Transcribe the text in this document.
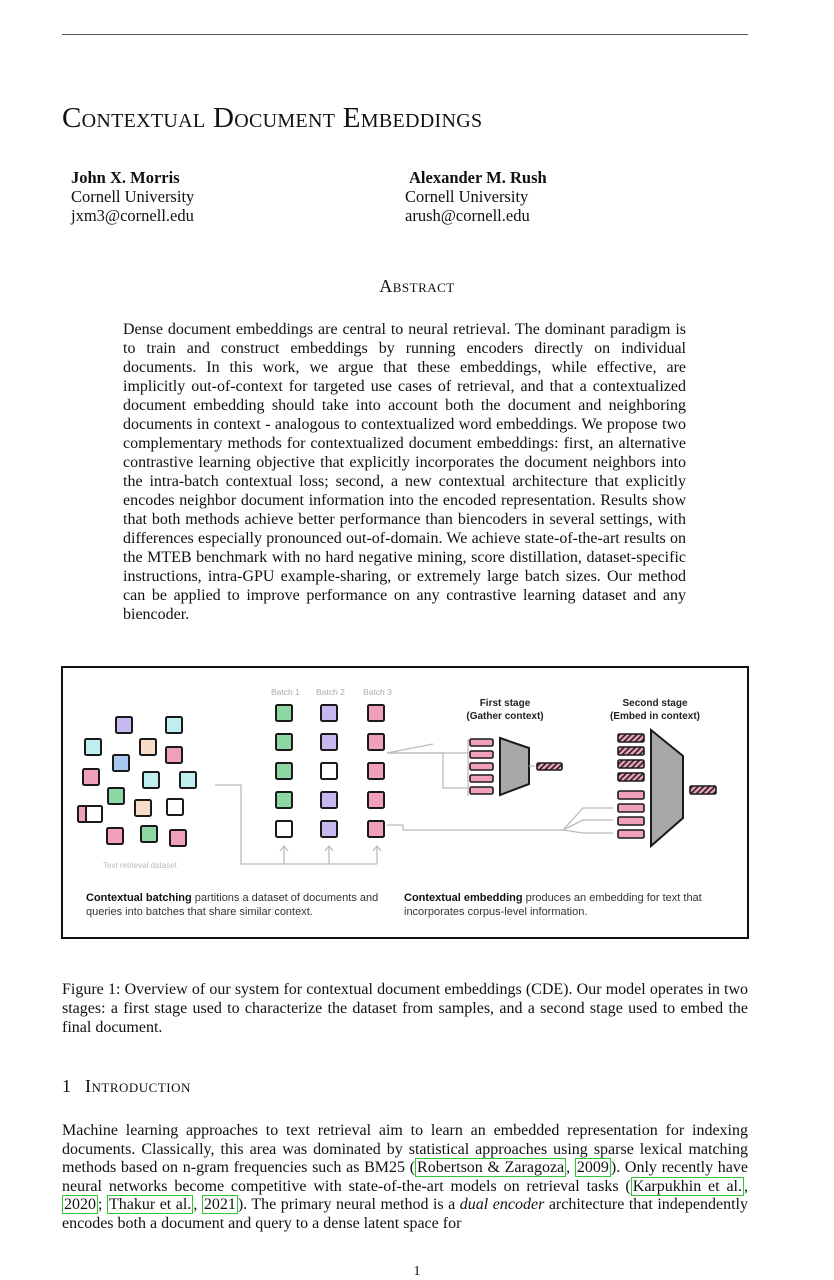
Contextual Document Embeddings
John X. Morris
Cornell University
jxm3@cornell.edu
Alexander M. Rush
Cornell University
arush@cornell.edu
Abstract
Dense document embeddings are central to neural retrieval. The dominant paradigm is to train and construct embeddings by running encoders directly on individual documents. In this work, we argue that these embeddings, while effective, are implicitly out-of-context for targeted use cases of retrieval, and that a contextualized document embedding should take into account both the document and neighboring documents in context - analogous to contextualized word embeddings. We propose two complementary methods for contextualized document embeddings: first, an alternative contrastive learning objective that explicitly incorporates the document neighbors into the intra-batch contextual loss; second, a new contextual architecture that explicitly encodes neighbor document information into the encoded representation. Results show that both methods achieve better performance than biencoders in several settings, with differences especially pronounced out-of-domain. We achieve state-of-the-art results on the MTEB benchmark with no hard negative mining, score distillation, dataset-specific instructions, intra-GPU example-sharing, or extremely large batch sizes. Our method can be applied to improve performance on any contrastive learning dataset and any biencoder.
Text retrieval dataset
Batch 1 Batch 2 Batch 3
First stage
(Gather context)
Second stage
(Embed in context)
Contextual batching partitions a dataset of documents and queries into batches that share similar context.
Contextual embedding produces an embedding for text that incorporates corpus-level information.
Figure 1: Overview of our system for contextual document embeddings (CDE). Our model operates in two stages: a first stage used to characterize the dataset from samples, and a second stage used to embed the final document.
1 Introduction
Machine learning approaches to text retrieval aim to learn an embedded representation for indexing documents. Classically, this area was dominated by statistical approaches using sparse lexical matching methods based on n-gram frequencies such as BM25 ( Robertson & Zaragoza , 2009 ). Only recently have neural networks become competitive with state-of-the-art models on retrieval tasks ( Karpukhin et al. , 2020 ; Thakur et al. , 2021 ). The primary neural method is a dual encoder architecture that independently encodes both a document and query to a dense latent space for
1
